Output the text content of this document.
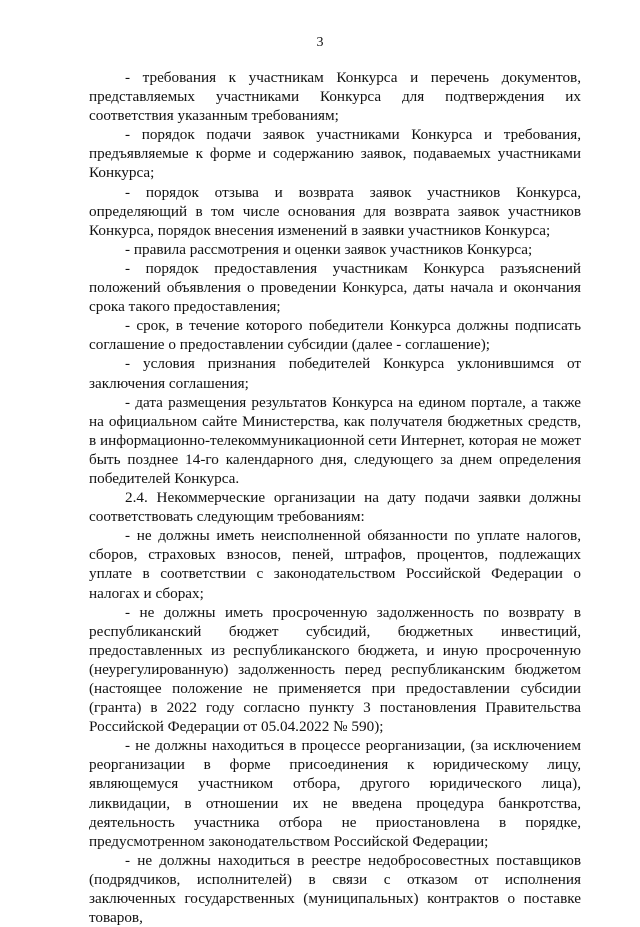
3

- требования к участникам Конкурса и перечень документов, представляемых участниками Конкурса для подтверждения их соответствия указанным требованиям;

- порядок подачи заявок участниками Конкурса и требования, предъявляемые к форме и содержанию заявок, подаваемых участниками Конкурса;

- порядок отзыва и возврата заявок участников Конкурса, определяющий в том числе основания для возврата заявок участников Конкурса, порядок внесения изменений в заявки участников Конкурса;

- правила рассмотрения и оценки заявок участников Конкурса;

- порядок предоставления участникам Конкурса разъяснений положений объявления о проведении Конкурса, даты начала и окончания срока такого предоставления;

- срок, в течение которого победители Конкурса должны подписать соглашение о предоставлении субсидии (далее - соглашение);

- условия признания победителей Конкурса уклонившимся от заключения соглашения;

- дата размещения результатов Конкурса на едином портале, а также на официальном сайте Министерства, как получателя бюджетных средств, в информационно-телекоммуникационной сети Интернет, которая не может быть позднее 14-го календарного дня, следующего за днем определения победителей Конкурса.

2.4. Некоммерческие организации на дату подачи заявки должны соответствовать следующим требованиям:

- не должны иметь неисполненной обязанности по уплате налогов, сборов, страховых взносов, пеней, штрафов, процентов, подлежащих уплате в соответствии с законодательством Российской Федерации о налогах и сборах;

- не должны иметь просроченную задолженность по возврату в республиканский бюджет субсидий, бюджетных инвестиций, предоставленных из республиканского бюджета, и иную просроченную (неурегулированную) задолженность перед республиканским бюджетом (настоящее положение не применяется при предоставлении субсидии (гранта) в 2022 году согласно пункту 3 постановления Правительства Российской Федерации от 05.04.2022 № 590);

- не должны находиться в процессе реорганизации, (за исключением реорганизации в форме присоединения к юридическому лицу, являющемуся участником отбора, другого юридического лица), ликвидации, в отношении их не введена процедура банкротства, деятельность участника отбора не приостановлена в порядке, предусмотренном законодательством Российской Федерации;

- не должны находиться в реестре недобросовестных поставщиков (подрядчиков, исполнителей) в связи с отказом от исполнения заключенных государственных (муниципальных) контрактов о поставке товаров,
